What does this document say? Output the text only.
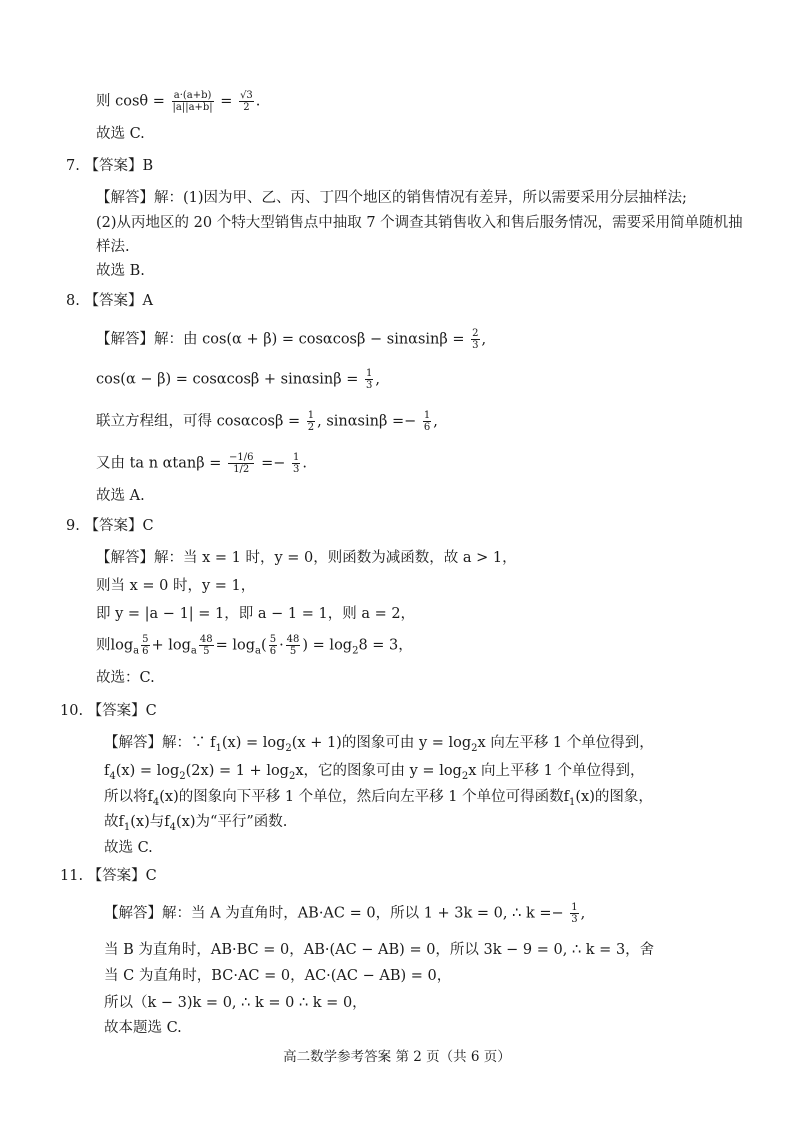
则 $\cos\theta = \frac{a\cdot(a+b)}{|a||a+b|} = \frac{√3}{2}$ .
故选 C.
7. 【答案】B
【解答】解：(1)因为甲、乙、丙、丁四个地区的销售情况有差异，所以需要采用分层抽样法;
(2)从丙地区的 20 个特大型销售点中抽取 7 个调查其销售收入和售后服务情况，需要采用简单随机抽
样法.
故选 B.
8. 【答案】A
【解答】解：由 $\cos(\alpha + \beta) = \cos\alpha\cos\beta - \sin\alpha\sin\beta = \frac{2}{3}$ ,
$\cos(\alpha - \beta) = \cos\alpha\cos\beta + \sin\alpha\sin\beta = \frac{1}{3}$ ,
联立方程组，可得 $\cos\alpha\cos\beta = \frac{1}{2}$ , $\sin\alpha\sin\beta =- \frac{1}{6}$ ,
又由 ta n $\alpha\tan\beta = \frac{-1/6}{1/2} =- \frac{1}{3}$ .
故选 A.
9. 【答案】C
【解答】解：当 x = 1 时，y = 0，则函数为减函数，故 a > 1，
则当 x = 0 时，y = 1，
即 y = |a − 1| = 1，即 a − 1 = 1，则 a = 2，
则$\log_a \frac{5}{6} + \log_a \frac{48}{5} = \log_a( \frac{5}{6} \cdot \frac{48}{5}$ ) = $\log_28 = 3$，
故选：C.
10. 【答案】C
【解答】解：∵ $f_1(x) = \log_2(x + 1)$的图象可由 $y = \log_2x$ 向左平移 1 个单位得到，
$f_4(x) = \log_2(2x) = 1 + \log_2x$，它的图象可由 $y = \log_2x$ 向上平移 1 个单位得到，
所以将$f_4(x)$的图象向下平移 1 个单位，然后向左平移 1 个单位可得函数$f_1(x)$的图象，
故$f_1(x)$与$f_4(x)$为“平行”函数.
故选 C.
11. 【答案】C
【解答】解：当 A 为直角时，AB·AC = 0，所以 1 + 3k = 0, ∴ $k =- \frac{1}{3}$ ,
当 B 为直角时，AB·BC = 0，AB·(AC − AB) = 0，所以 3k − 9 = 0, ∴ k = 3，舍
当 C 为直角时，BC·AC = 0，AC·(AC − AB) = 0，
所以（k − 3)k = 0, ∴ k = 0 ∴ k = 0，
故本题选 C.
高二数学参考答案 第 2 页（共 6 页）
